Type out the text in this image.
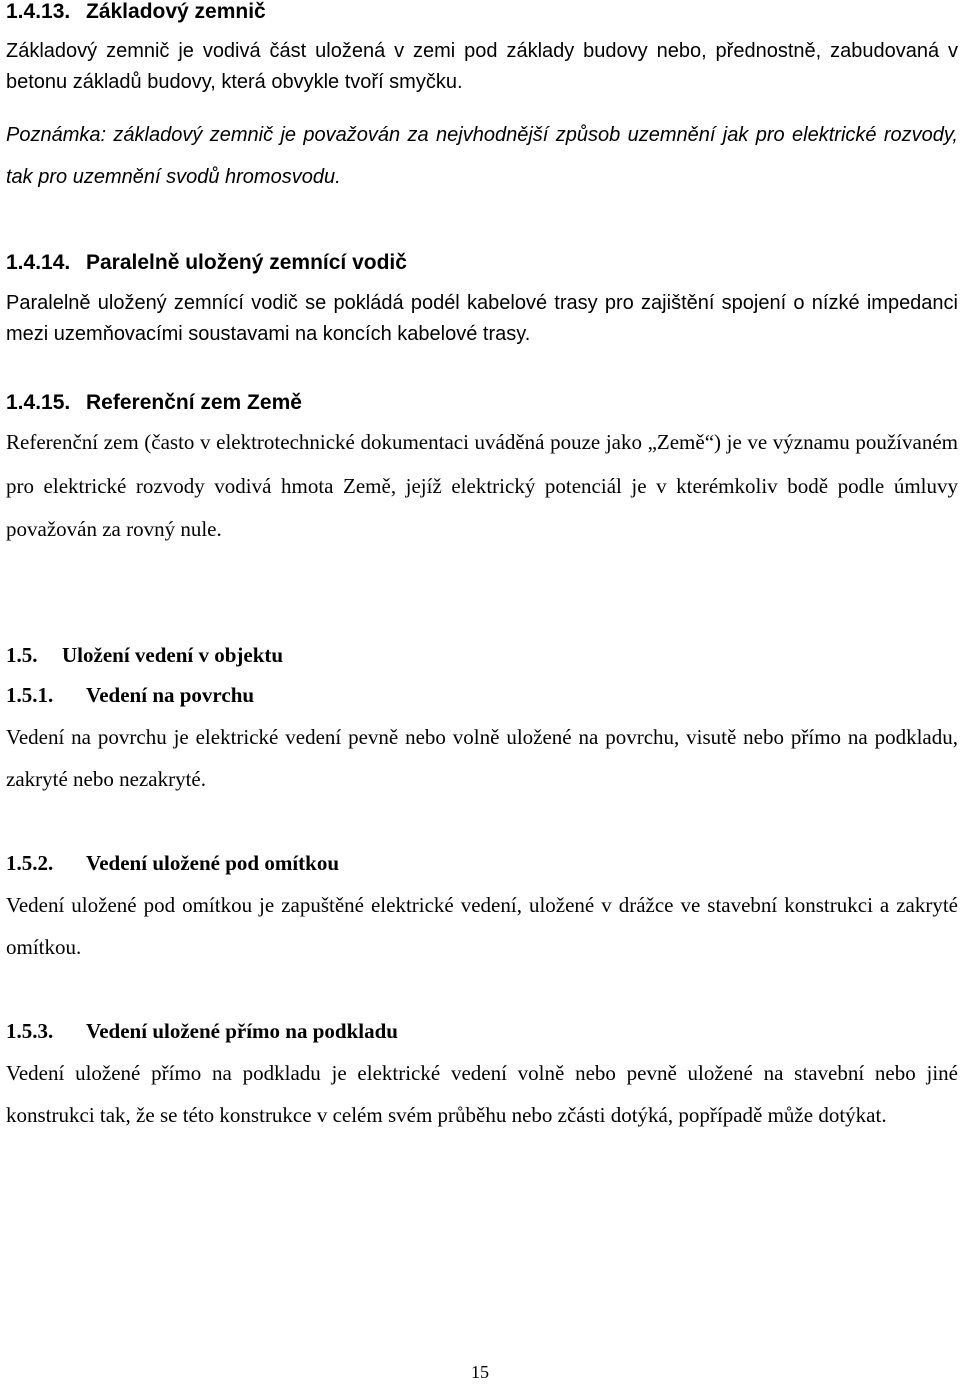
1.4.13. Základový zemnič

Základový zemnič je vodivá část uložená v zemi pod základy budovy nebo, přednostně, zabudovaná v betonu základů budovy, která obvykle tvoří smyčku.

Poznámka: základový zemnič je považován za nejvhodnější způsob uzemnění jak pro elektrické rozvody, tak pro uzemnění svodů hromosvodu.

1.4.14. Paralelně uložený zemnící vodič

Paralelně uložený zemnící vodič se pokládá podél kabelové trasy pro zajištění spojení o nízké impedanci mezi uzemňovacími soustavami na koncích kabelové trasy.

1.4.15. Referenční zem Země

Referenční zem (často v elektrotechnické dokumentaci uváděná pouze jako „Země“) je ve významu používaném pro elektrické rozvody vodivá hmota Země, jejíž elektrický potenciál je v kterémkoliv bodě podle úmluvy považován za rovný nule.

1.5. Uložení vedení v objektu
1.5.1. Vedení na povrchu

Vedení na povrchu je elektrické vedení pevně nebo volně uložené na povrchu, visutě nebo přímo na podkladu, zakryté nebo nezakryté.

1.5.2. Vedení uložené pod omítkou

Vedení uložené pod omítkou je zapuštěné elektrické vedení, uložené v drážce ve stavební konstrukci a zakryté omítkou.

1.5.3. Vedení uložené přímo na podkladu

Vedení uložené přímo na podkladu je elektrické vedení volně nebo pevně uložené na stavební nebo jiné konstrukci tak, že se této konstrukce v celém svém průběhu nebo zčásti dotýká, popřípadě může dotýkat.

15
